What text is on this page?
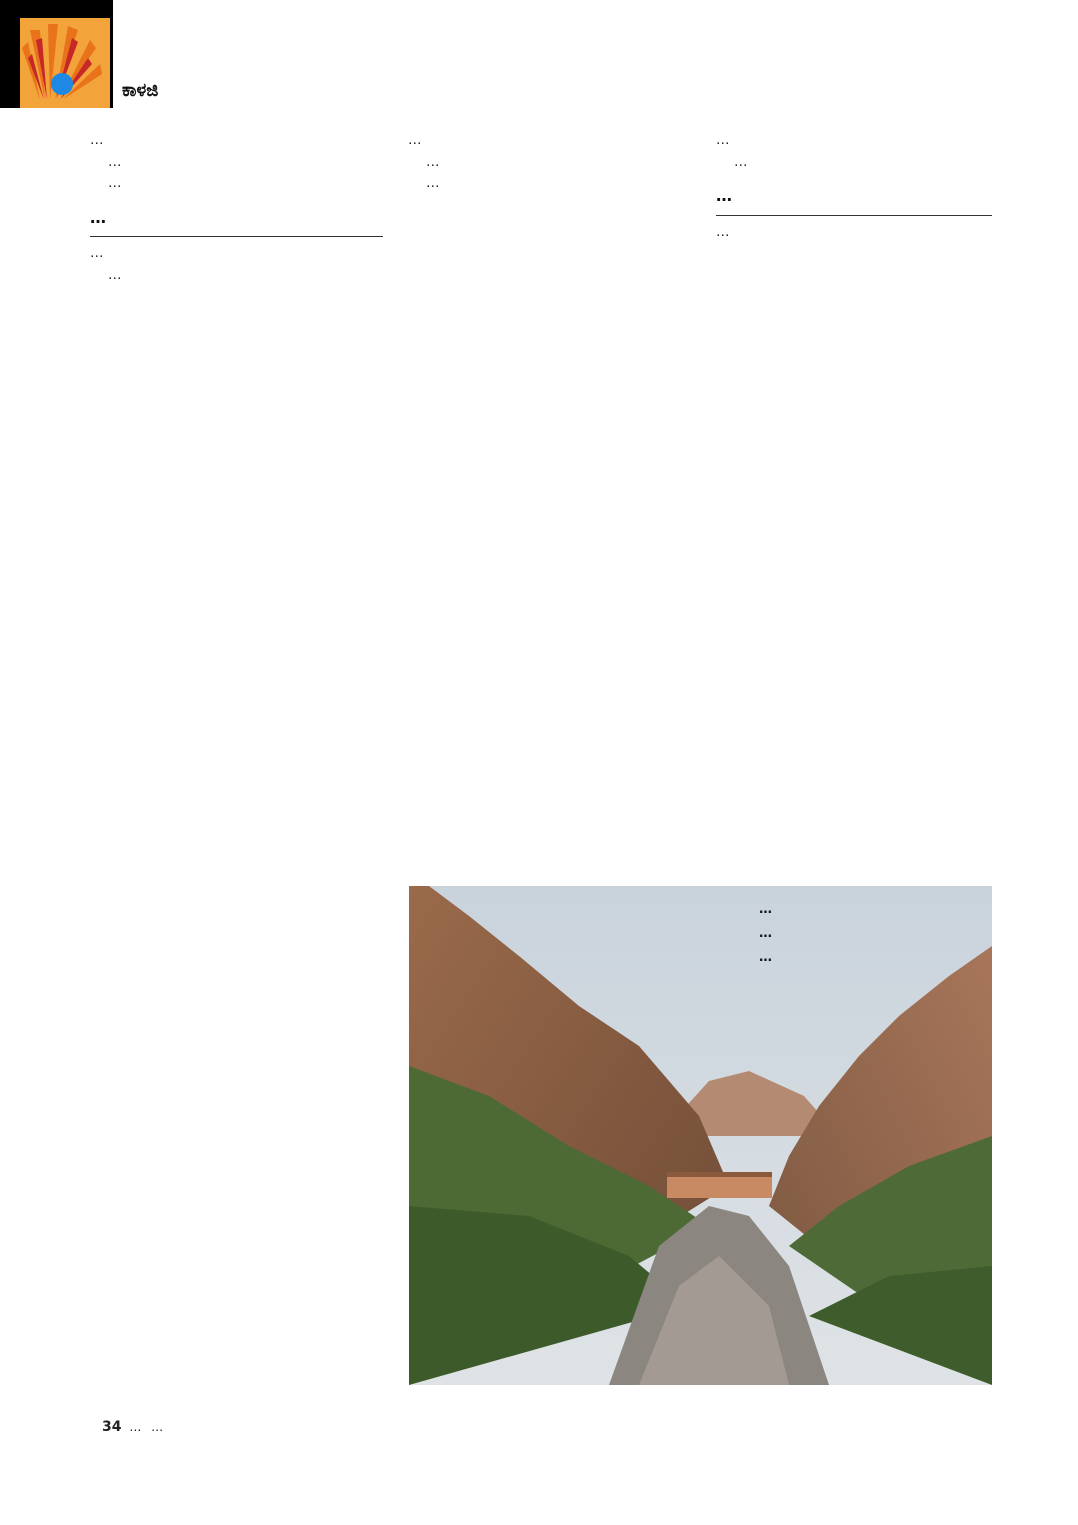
ಕಾಳಜಿ

…

…

…

…

…

…

…

…

…

…

…

…

…

…
…
…
34 … …
